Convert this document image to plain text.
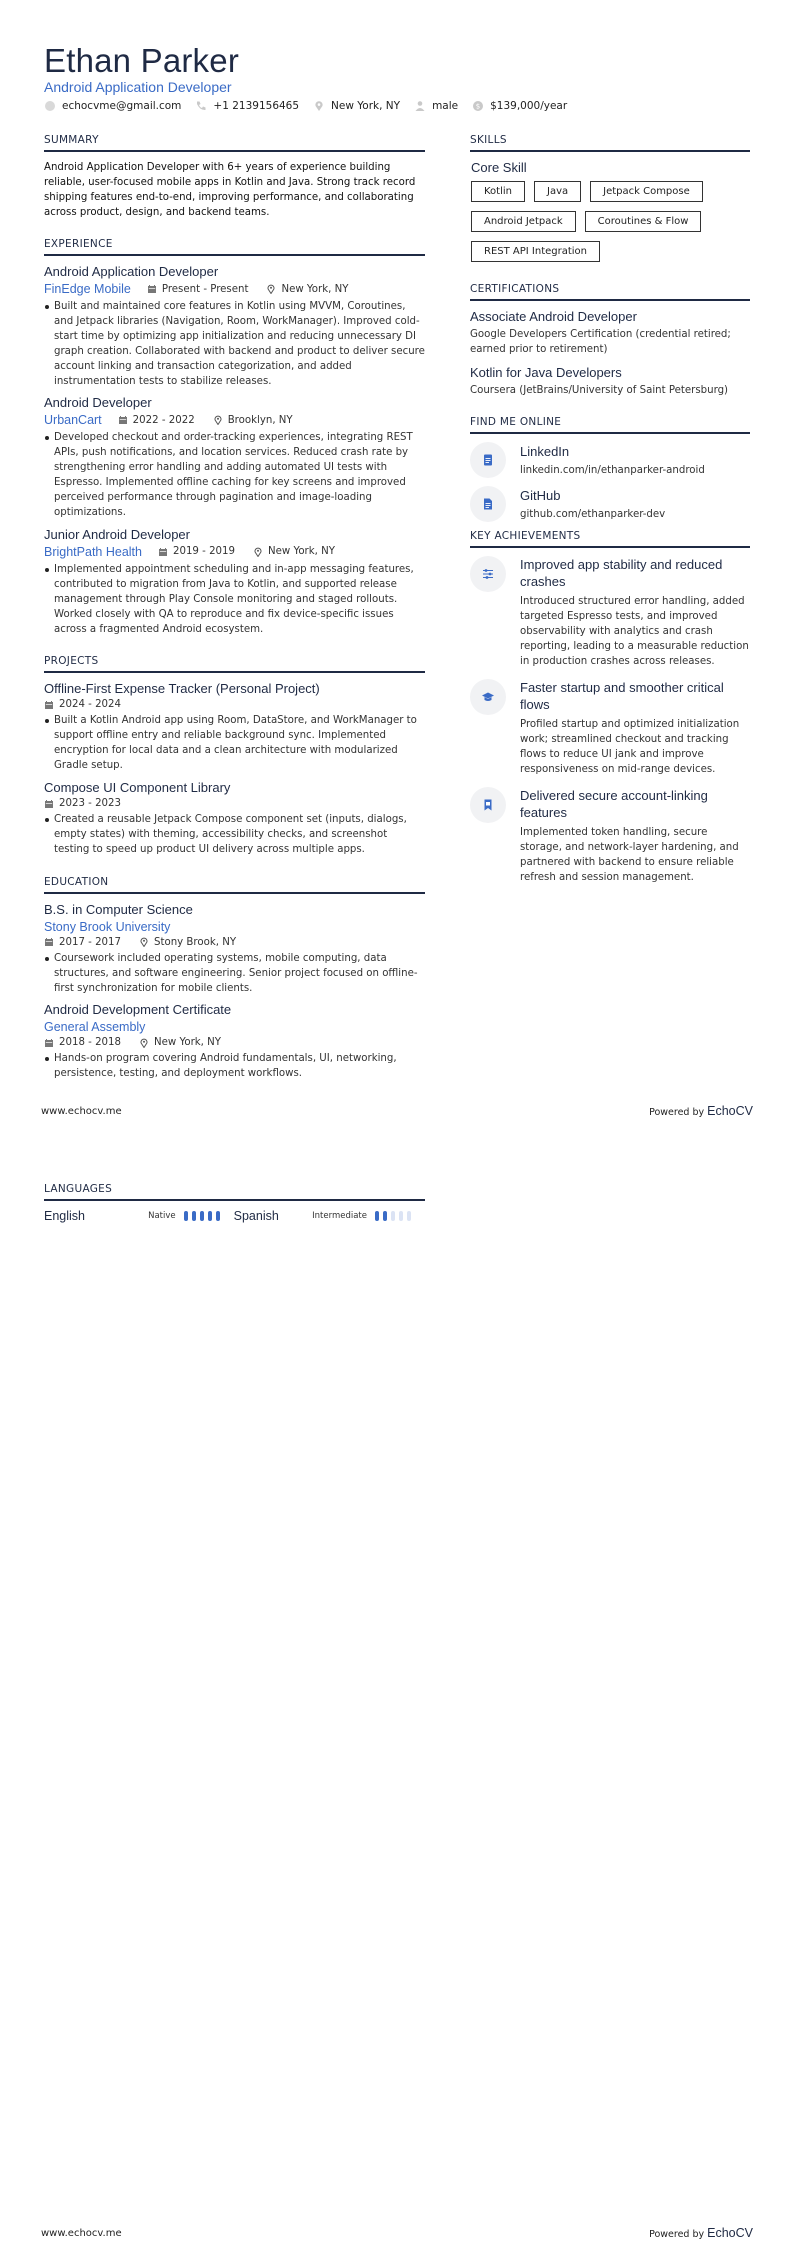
Ethan Parker
Android Application Developer
echocvme@gmail.com	+1 2139156465	New York, NY	male	$ $139,000/year
SUMMARY

Android Application Developer with 6+ years of experience building reliable, user-focused mobile apps in Kotlin and Java. Strong track record shipping features end-to-end, improving performance, and collaborating across product, design, and backend teams.

EXPERIENCE
Android Application Developer
FinEdge Mobile	Present - Present	New York, NY
Built and maintained core features in Kotlin using MVVM, Coroutines, and Jetpack libraries (Navigation, Room, WorkManager). Improved cold-start time by optimizing app initialization and reducing unnecessary DI graph creation. Collaborated with backend and product to deliver secure account linking and transaction categorization, and added instrumentation tests to stabilize releases.
Android Developer
UrbanCart	2022 - 2022	Brooklyn, NY
Developed checkout and order-tracking experiences, integrating REST APIs, push notifications, and location services. Reduced crash rate by strengthening error handling and adding automated UI tests with Espresso. Implemented offline caching for key screens and improved perceived performance through pagination and image-loading optimizations.
Junior Android Developer
BrightPath Health	2019 - 2019	New York, NY
Implemented appointment scheduling and in-app messaging features, contributed to migration from Java to Kotlin, and supported release management through Play Console monitoring and staged rollouts. Worked closely with QA to reproduce and fix device-specific issues across a fragmented Android ecosystem.
PROJECTS
Offline-First Expense Tracker (Personal Project)
2024 - 2024
Built a Kotlin Android app using Room, DataStore, and WorkManager to support offline entry and reliable background sync. Implemented encryption for local data and a clean architecture with modularized Gradle setup.
Compose UI Component Library
2023 - 2023
Created a reusable Jetpack Compose component set (inputs, dialogs, empty states) with theming, accessibility checks, and screenshot testing to speed up product UI delivery across multiple apps.
EDUCATION
B.S. in Computer Science
Stony Brook University
2017 - 2017	Stony Brook, NY
Coursework included operating systems, mobile computing, data structures, and software engineering. Senior project focused on offline-first synchronization for mobile clients.
Android Development Certificate
General Assembly
2018 - 2018	New York, NY
Hands-on program covering Android fundamentals, UI, networking, persistence, testing, and deployment workflows.
SKILLS
Core Skill
Kotlin	Java	Jetpack Compose
Android Jetpack	Coroutines & Flow
REST API Integration
CERTIFICATIONS
Associate Android Developer
Google Developers Certification (credential retired; earned prior to retirement)
Kotlin for Java Developers
Coursera (JetBrains/University of Saint Petersburg)
FIND ME ONLINE
LinkedIn
linkedin.com/in/ethanparker-android
GitHub
github.com/ethanparker-dev
KEY ACHIEVEMENTS
Improved app stability and reduced crashes
Introduced structured error handling, added targeted Espresso tests, and improved observability with analytics and crash reporting, leading to a measurable reduction in production crashes across releases.
Faster startup and smoother critical flows
Profiled startup and optimized initialization work; streamlined checkout and tracking flows to reduce UI jank and improve responsiveness on mid-range devices.
Delivered secure account-linking features
Implemented token handling, secure storage, and network-layer hardening, and partnered with backend to ensure reliable refresh and session management.
www.echocv.me	Powered by EchoCV
LANGUAGES
English	Native	Spanish	Intermediate
www.echocv.me	Powered by EchoCV
